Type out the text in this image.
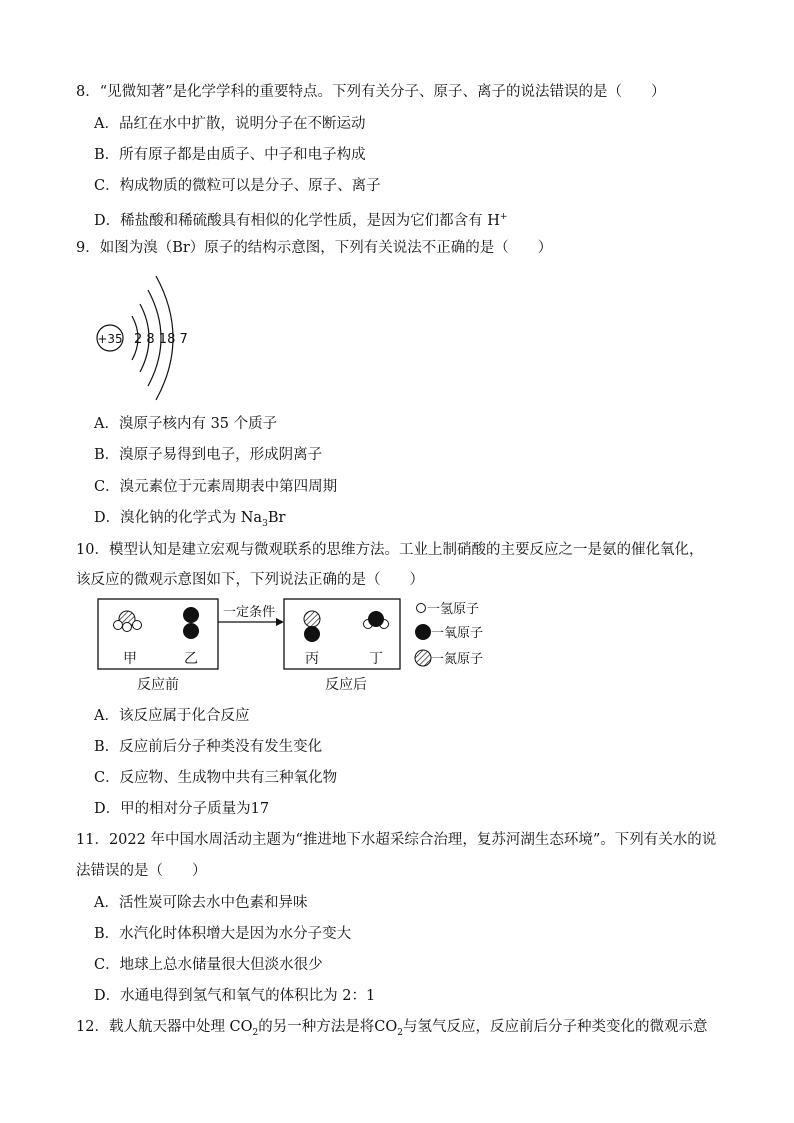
8．“见微知著”是化学学科的重要特点。下列有关分子、原子、离子的说法错误的是（　　）
A．品红在水中扩散，说明分子在不断运动
B．所有原子都是由质子、中子和电子构成
C．构成物质的微粒可以是分子、原子、离子
D．稀盐酸和稀硫酸具有相似的化学性质，是因为它们都含有 H+
9．如图为溴（Br）原子的结构示意图，下列有关说法不正确的是（　　）
+35 2 8 18 7
A．溴原子核内有 35 个质子
B．溴原子易得到电子，形成阴离子
C．溴元素位于元素周期表中第四周期
D．溴化钠的化学式为 $Na_3Br$
10．模型认知是建立宏观与微观联系的思维方法。工业上制硝酸的主要反应之一是氨的催化氧化，
该反应的微观示意图如下，下列说法正确的是（　　）
甲	乙
反应前
一定条件
丙	丁
反应后
一氢原子
一氧原子
一氮原子
A．该反应属于化合反应
B．反应前后分子种类没有发生变化
C．反应物、生成物中共有三种氧化物
D．甲的相对分子质量为17
11．2022 年中国水周活动主题为“推进地下水超采综合治理，复苏河湖生态环境”。下列有关水的说
法错误的是（　　）
A．活性炭可除去水中色素和异味
B．水汽化时体积增大是因为水分子变大
C．地球上总水储量很大但淡水很少
D．水通电得到氢气和氧气的体积比为 2：1
12．载人航天器中处理 $CO_2$的另一种方法是将$CO_2$与氢气反应，反应前后分子种类变化的微观示意
